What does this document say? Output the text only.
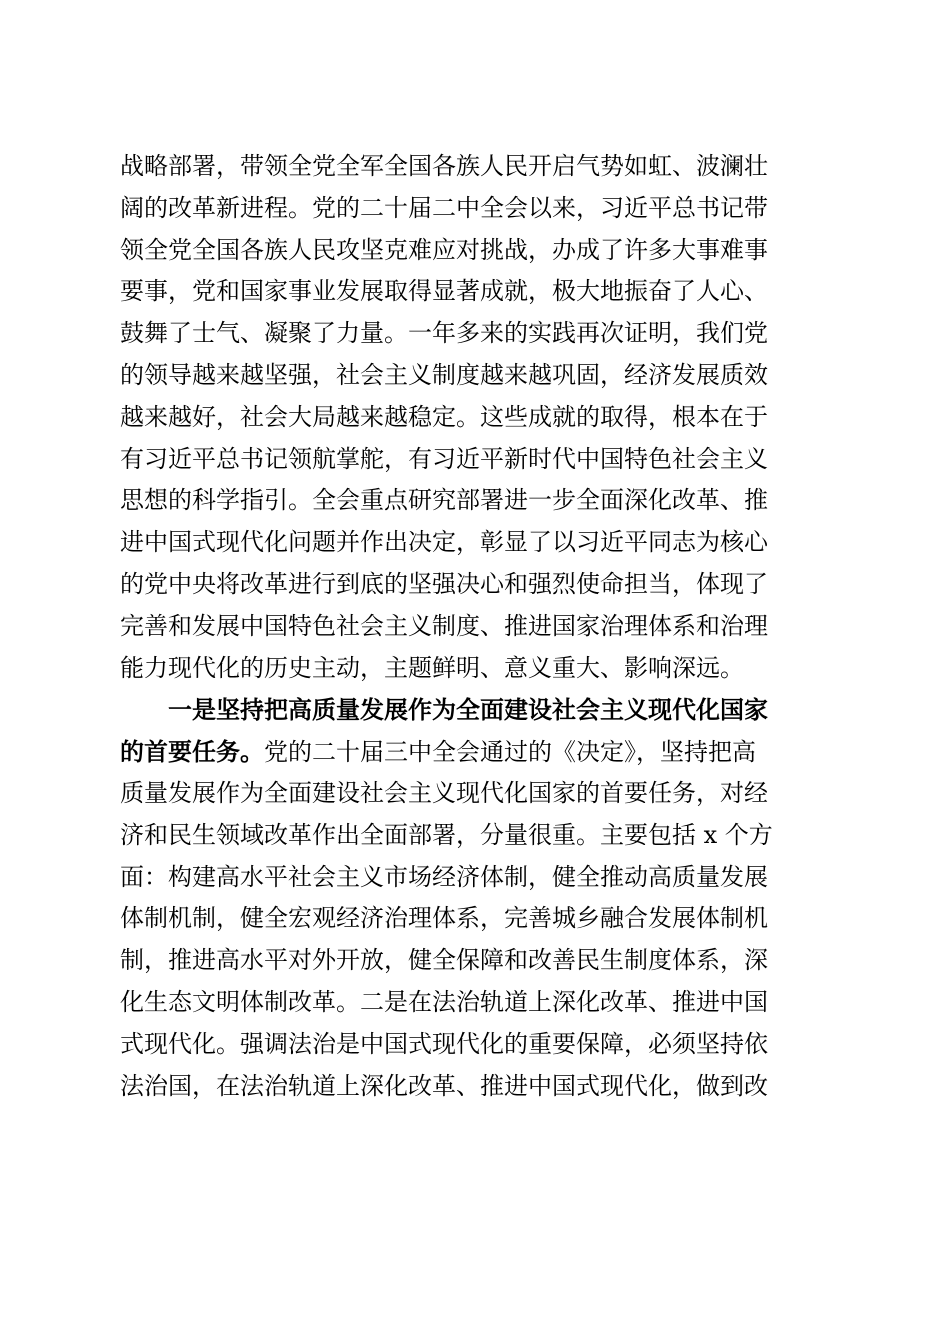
战略部署，带领全党全军全国各族人民开启气势如虹、波澜壮
阔的改革新进程。党的二十届二中全会以来，习近平总书记带
领全党全国各族人民攻坚克难应对挑战，办成了许多大事难事
要事，党和国家事业发展取得显著成就，极大地振奋了人心、
鼓舞了士气、凝聚了力量。一年多来的实践再次证明，我们党
的领导越来越坚强，社会主义制度越来越巩固，经济发展质效
越来越好，社会大局越来越稳定。这些成就的取得，根本在于
有习近平总书记领航掌舵，有习近平新时代中国特色社会主义
思想的科学指引。全会重点研究部署进一步全面深化改革、推
进中国式现代化问题并作出决定，彰显了以习近平同志为核心
的党中央将改革进行到底的坚强决心和强烈使命担当，体现了
完善和发展中国特色社会主义制度、推进国家治理体系和治理
能力现代化的历史主动，主题鲜明、意义重大、影响深远。
一是坚持把高质量发展作为全面建设社会主义现代化国家
的首要任务。党的二十届三中全会通过的《决定》，坚持把高
质量发展作为全面建设社会主义现代化国家的首要任务，对经
济和民生领域改革作出全面部署，分量很重。主要包括 x 个方
面：构建高水平社会主义市场经济体制，健全推动高质量发展
体制机制，健全宏观经济治理体系，完善城乡融合发展体制机
制，推进高水平对外开放，健全保障和改善民生制度体系，深
化生态文明体制改革。二是在法治轨道上深化改革、推进中国
式现代化。强调法治是中国式现代化的重要保障，必须坚持依
法治国，在法治轨道上深化改革、推进中国式现代化，做到改
